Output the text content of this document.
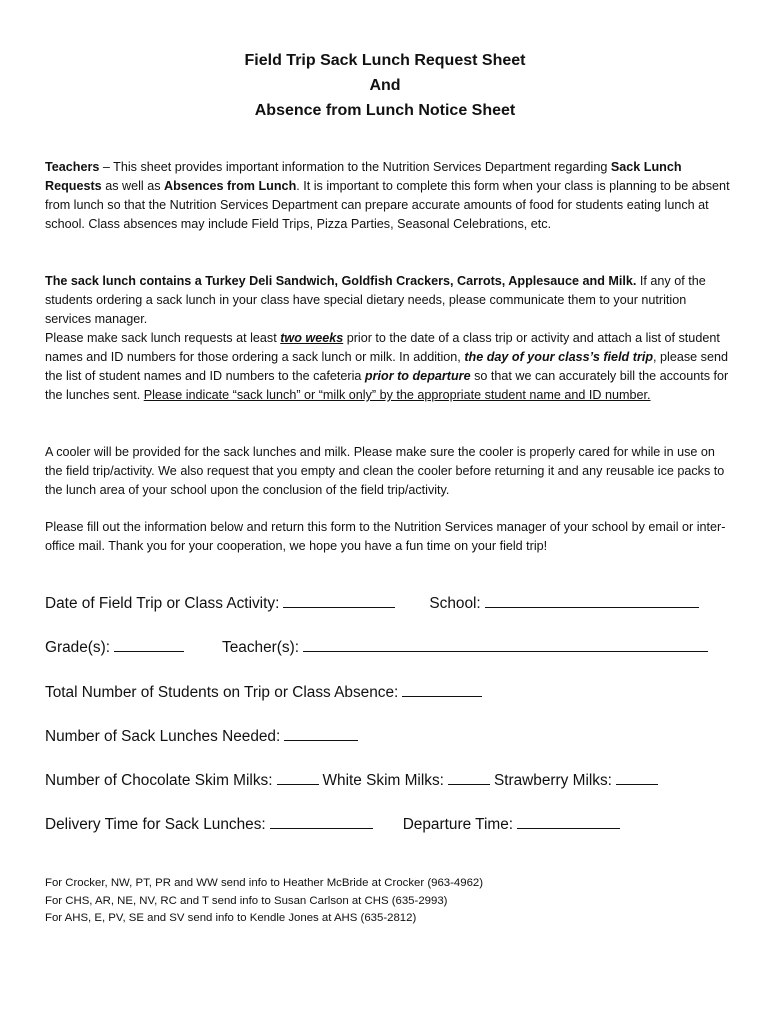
Field Trip Sack Lunch Request Sheet
And
Absence from Lunch Notice Sheet
Teachers – This sheet provides important information to the Nutrition Services Department regarding Sack Lunch Requests as well as Absences from Lunch. It is important to complete this form when your class is planning to be absent from lunch so that the Nutrition Services Department can prepare accurate amounts of food for students eating lunch at school. Class absences may include Field Trips, Pizza Parties, Seasonal Celebrations, etc.
The sack lunch contains a Turkey Deli Sandwich, Goldfish Crackers, Carrots, Applesauce and Milk. If any of the students ordering a sack lunch in your class have special dietary needs, please communicate them to your nutrition services manager.
Please make sack lunch requests at least two weeks prior to the date of a class trip or activity and attach a list of student names and ID numbers for those ordering a sack lunch or milk. In addition, the day of your class’s field trip, please send the list of student names and ID numbers to the cafeteria prior to departure so that we can accurately bill the accounts for the lunches sent. Please indicate “sack lunch” or “milk only” by the appropriate student name and ID number.
A cooler will be provided for the sack lunches and milk. Please make sure the cooler is properly cared for while in use on the field trip/activity. We also request that you empty and clean the cooler before returning it and any reusable ice packs to the lunch area of your school upon the conclusion of the field trip/activity.
Please fill out the information below and return this form to the Nutrition Services manager of your school by email or inter-office mail. Thank you for your cooperation, we hope you have a fun time on your field trip!
Date of Field Trip or Class Activity:	School:
Grade(s):	Teacher(s):
Total Number of Students on Trip or Class Absence:
Number of Sack Lunches Needed:
Number of Chocolate Skim Milks:	White Skim Milks:	Strawberry Milks:
Delivery Time for Sack Lunches:	Departure Time:
For Crocker, NW, PT, PR and WW send info to Heather McBride at Crocker (963-4962)
For CHS, AR, NE, NV, RC and T send info to Susan Carlson at CHS (635-2993)
For AHS, E, PV, SE and SV send info to Kendle Jones at AHS (635-2812)
